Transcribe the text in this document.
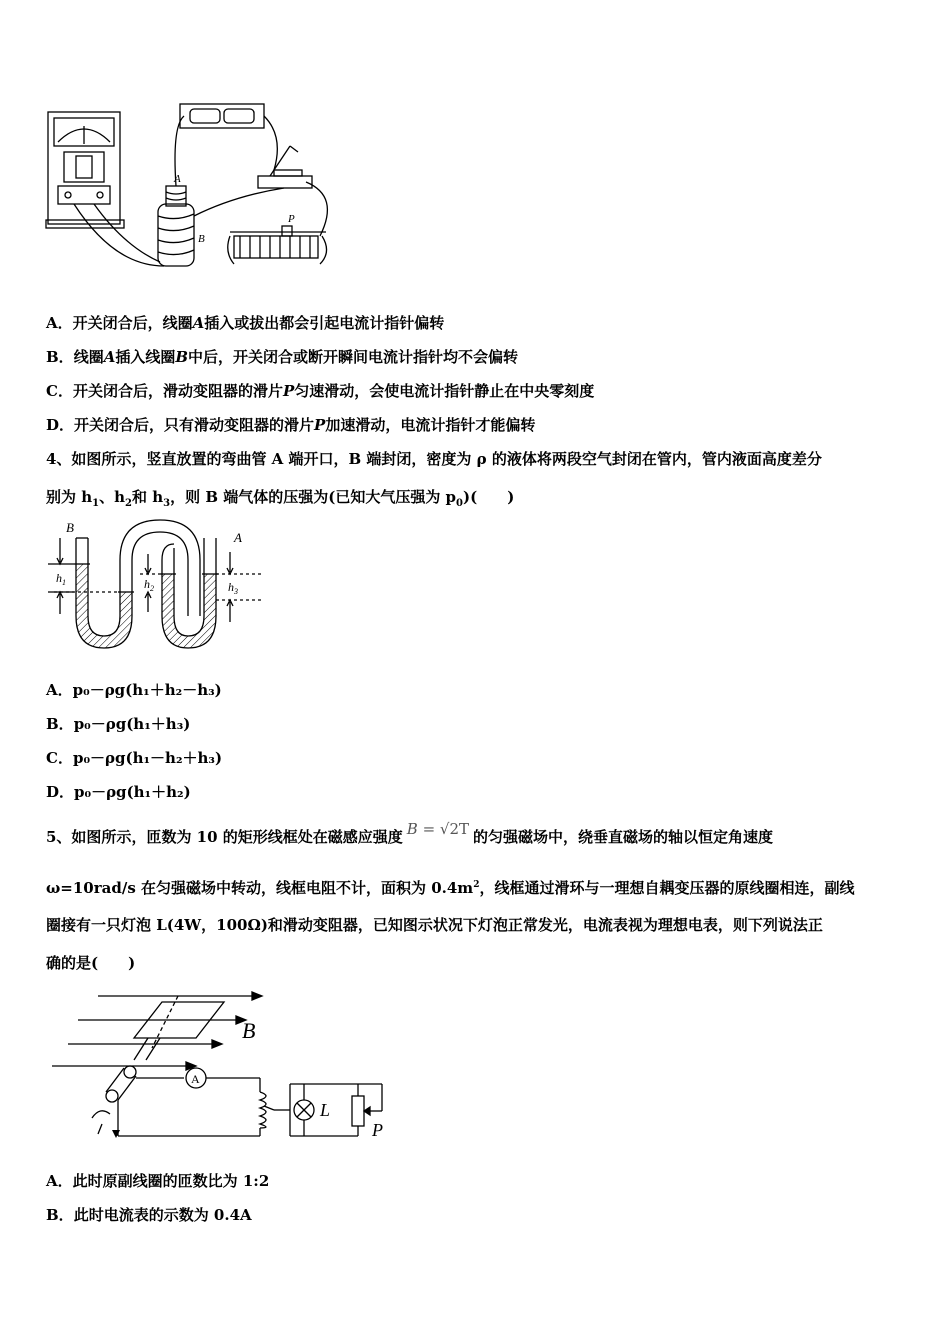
A
B
P
A．开关闭合后，线圈A插入或拔出都会引起电流计指针偏转
B．线圈A插入线圈B中后，开关闭合或断开瞬间电流计指针均不会偏转
C．开关闭合后，滑动变阻器的滑片P匀速滑动，会使电流计指针静止在中央零刻度
D．开关闭合后，只有滑动变阻器的滑片P加速滑动，电流计指针才能偏转
4、如图所示，竖直放置的弯曲管 A 端开口，B 端封闭，密度为 ρ 的液体将两段空气封闭在管内，管内液面高度差分
别为 $h_1$、$h_2$和 $h_3$，则 B 端气体的压强为(已知大气压强为 $p_0$)(　　)
B
A
$h_1$	$h_2$	$h_3$
A．p₀－ρg(h₁＋h₂－h₃)
B．p₀－ρg(h₁＋h₃)
C．p₀－ρg(h₁－h₂＋h₃)
D．p₀－ρg(h₁＋h₂)
5、如图所示，匝数为 10 的矩形线框处在磁感应强度 B = √2T 的匀强磁场中，绕垂直磁场的轴以恒定角速度
ω=10rad/s 在匀强磁场中转动，线框电阻不计，面积为 $0.4m^2$，线框通过滑环与一理想自耦变压器的原线圈相连，副线
圈接有一只灯泡 L(4W，100Ω)和滑动变阻器，已知图示状况下灯泡正常发光，电流表视为理想电表，则下列说法正
确的是(　　)
B
A
L
P
A．此时原副线圈的匝数比为 1:2
B．此时电流表的示数为 0.4A
